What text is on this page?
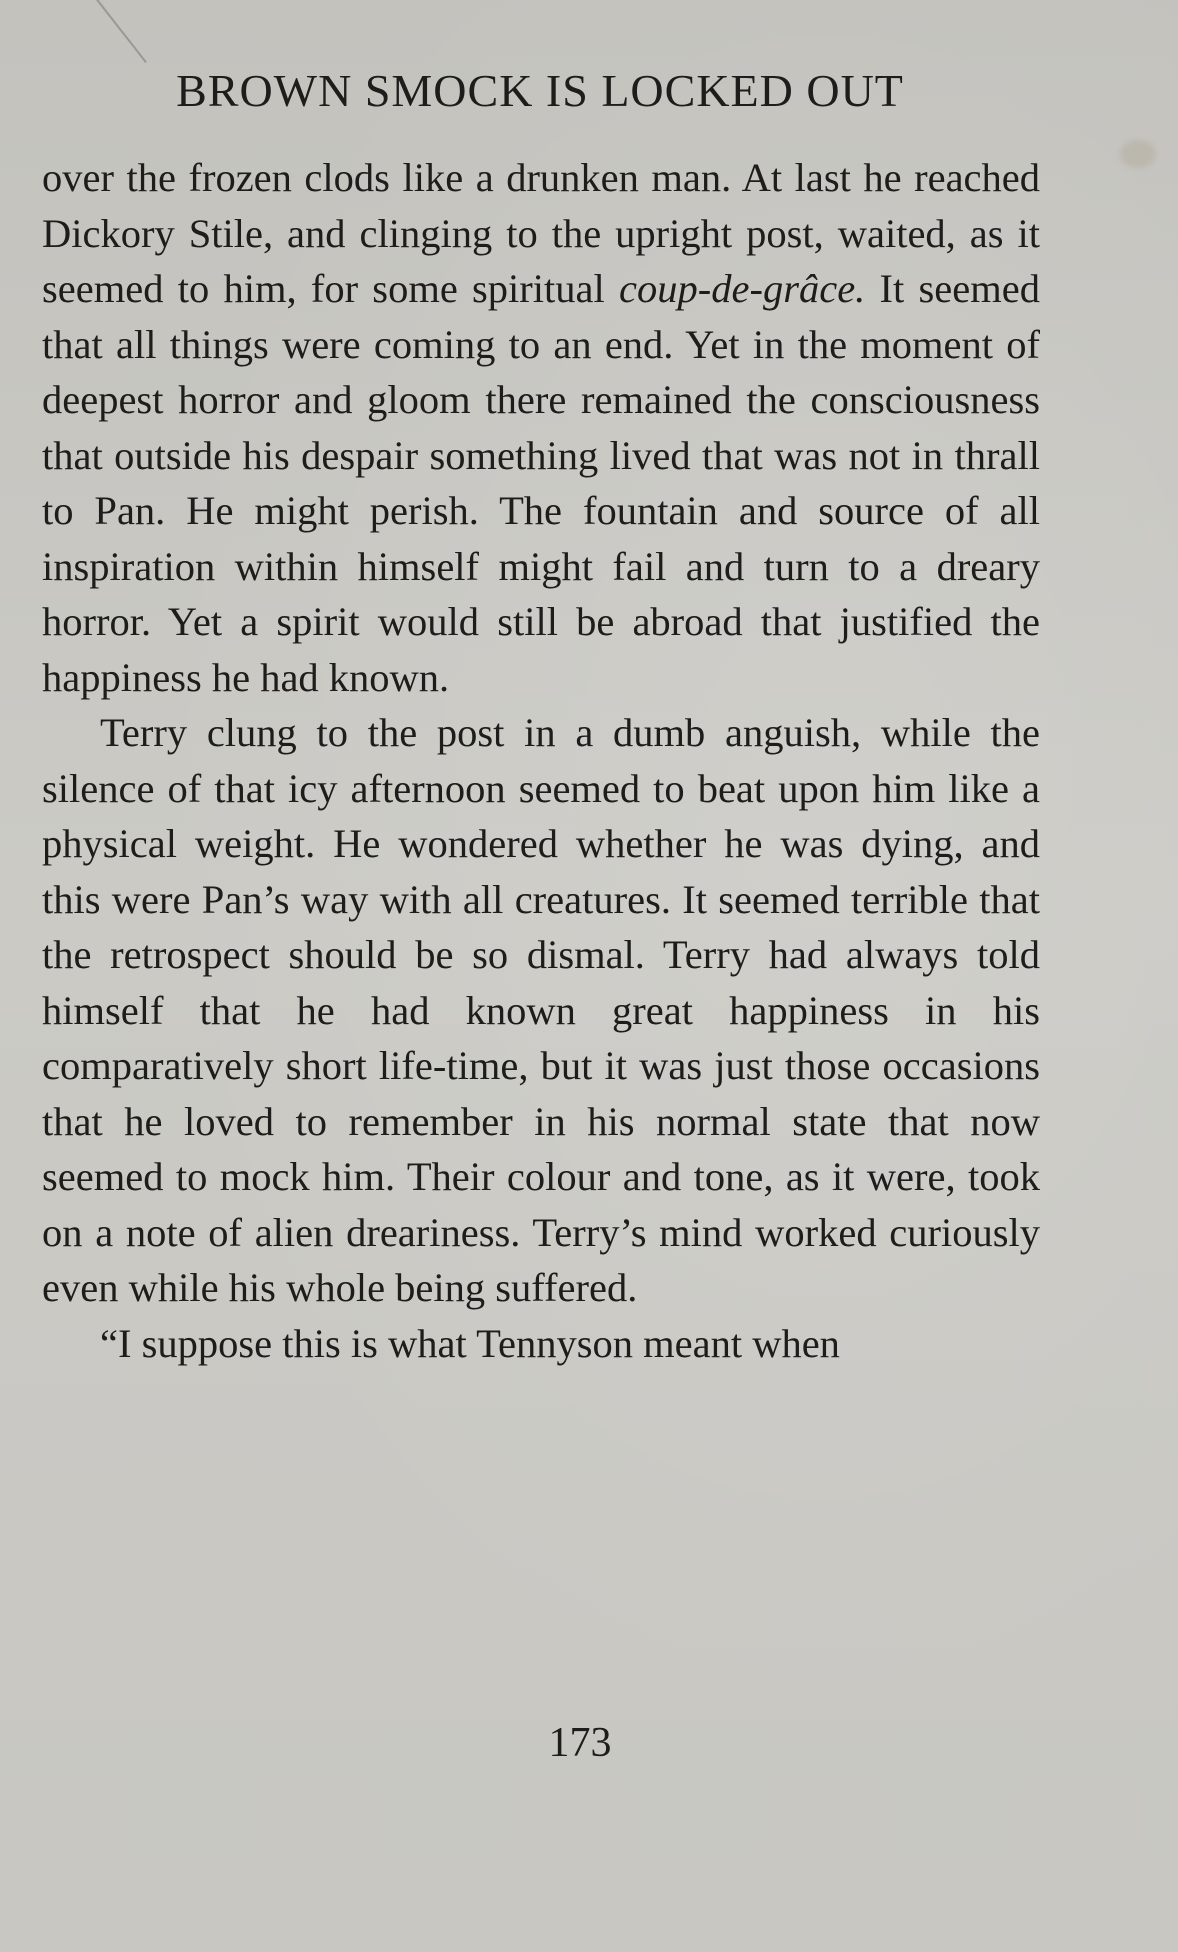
BROWN SMOCK IS LOCKED OUT

over the frozen clods like a drunken man. At last he reached Dickory Stile, and clinging to the upright post, waited, as it seemed to him, for some spiritual coup-de-grâce. It seemed that all things were coming to an end. Yet in the moment of deepest horror and gloom there remained the consciousness that outside his despair something lived that was not in thrall to Pan. He might perish. The fountain and source of all inspiration within himself might fail and turn to a dreary horror. Yet a spirit would still be abroad that justified the happiness he had known.

Terry clung to the post in a dumb anguish, while the silence of that icy afternoon seemed to beat upon him like a physical weight. He wondered whether he was dying, and this were Pan’s way with all creatures. It seemed terrible that the retrospect should be so dismal. Terry had always told himself that he had known great happiness in his comparatively short life-time, but it was just those occasions that he loved to remember in his normal state that now seemed to mock him. Their colour and tone, as it were, took on a note of alien dreariness. Terry’s mind worked curiously even while his whole being suffered.

“I suppose this is what Tennyson meant when

173
